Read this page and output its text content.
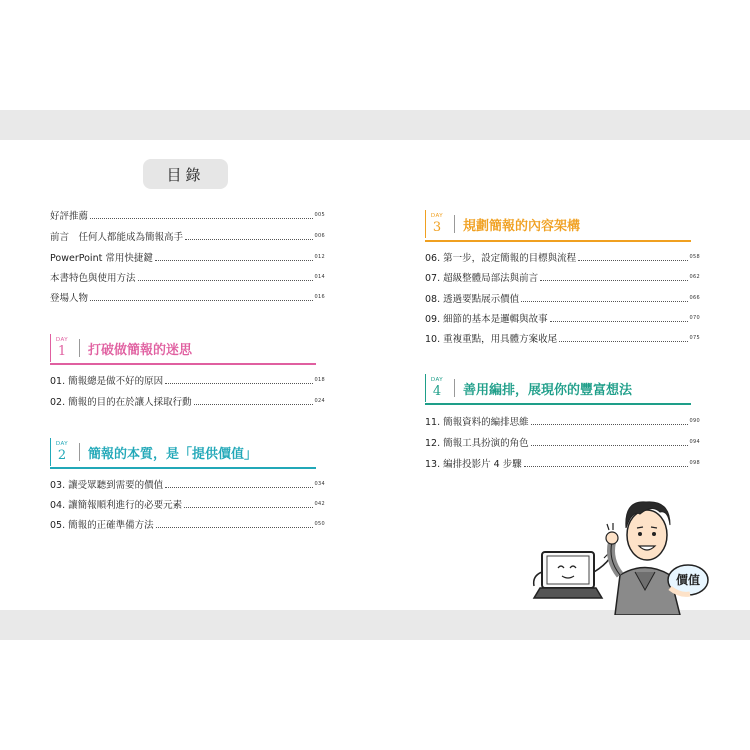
目錄
好評推薦	005
前言　任何人都能成為簡報高手	006
PowerPoint 常用快捷鍵	012
本書特色與使用方法	014
登場人物	016
DAY
1 打破做簡報的迷思
01. 簡報總是做不好的原因	018
02. 簡報的目的在於讓人採取行動	024
DAY
2 簡報的本質，是「提供價值」
03. 讓受眾聽到需要的價值	034
04. 讓簡報順利進行的必要元素	042
05. 簡報的正確準備方法	050
DAY
3 規劃簡報的內容架構
06. 第一步，設定簡報的目標與流程	058
07. 超級整體局部法與前言	062
08. 透過要點展示價值	066
09. 細節的基本是邏輯與故事	070
10. 重複重點，用具體方案收尾	075
DAY
4 善用編排，展現你的豐富想法
11. 簡報資料的編排思維	090
12. 簡報工具扮演的角色	094
13. 編排投影片 4 步驟	098
價值
